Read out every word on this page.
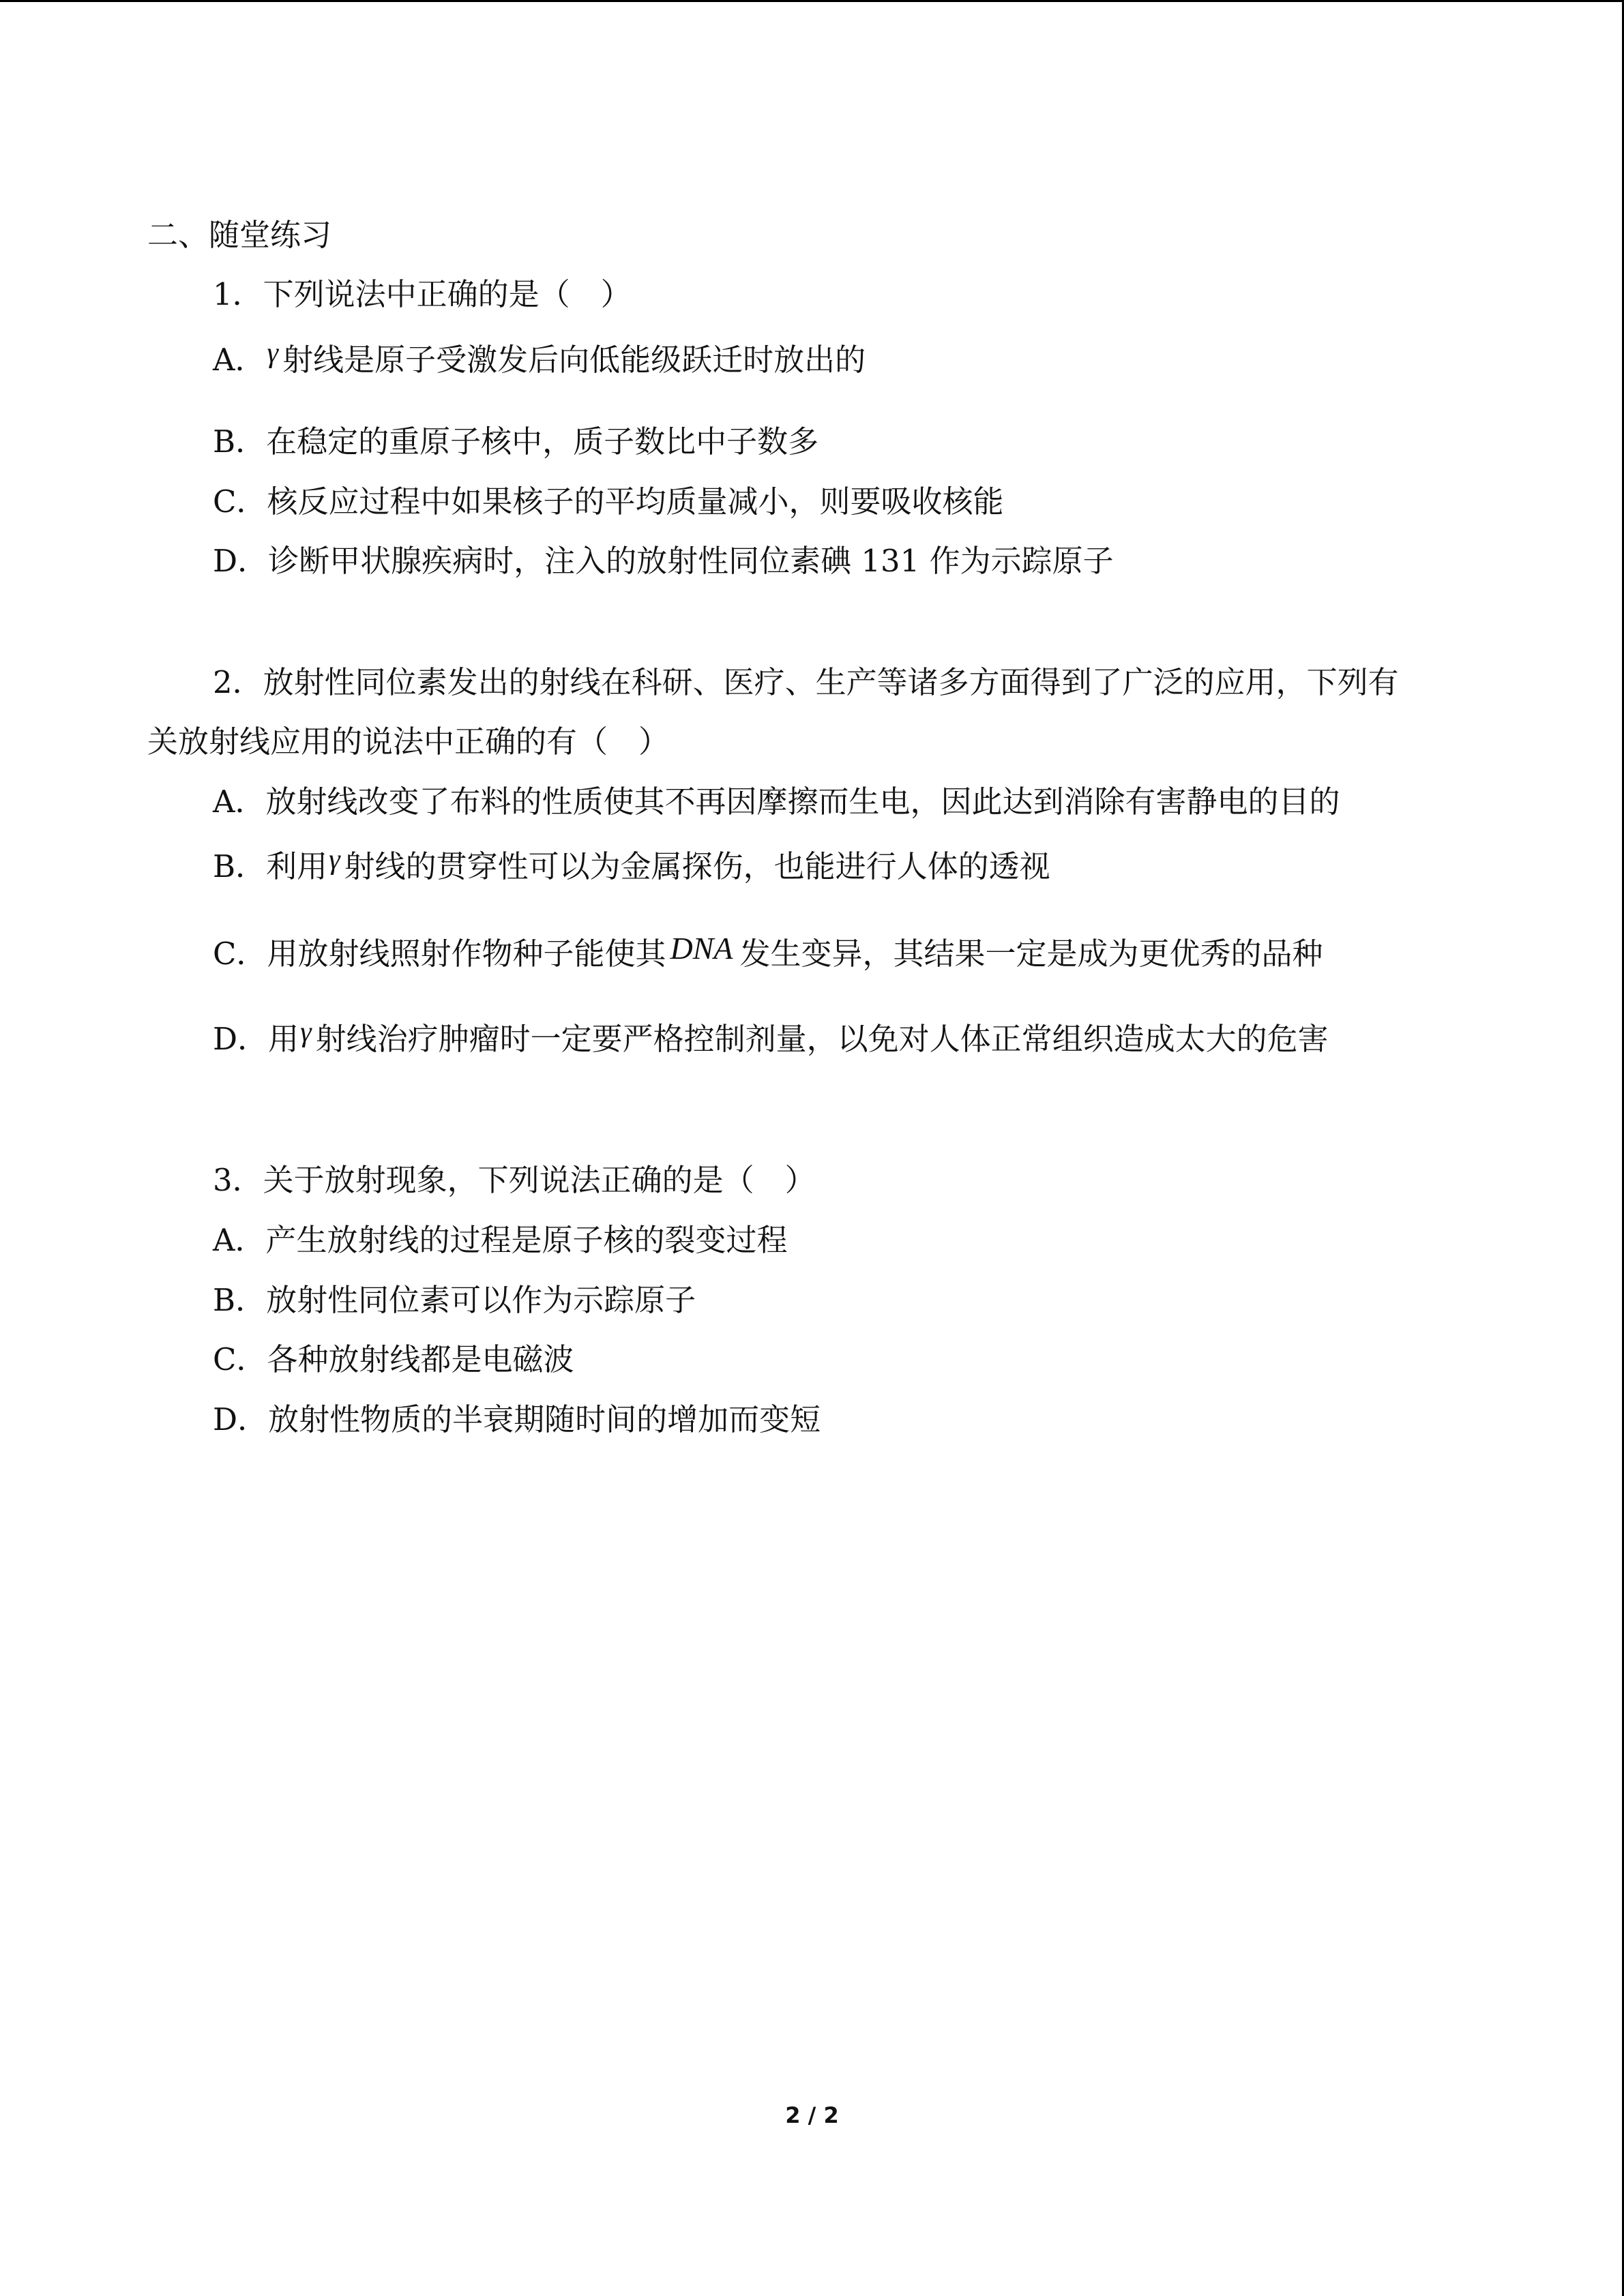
二、随堂练习
1．下列说法中正确的是（　）
A．γ 射线是原子受激发后向低能级跃迁时放出的
B．在稳定的重原子核中，质子数比中子数多
C．核反应过程中如果核子的平均质量减小，则要吸收核能
D．诊断甲状腺疾病时，注入的放射性同位素碘 131 作为示踪原子
2．放射性同位素发出的射线在科研、医疗、生产等诸多方面得到了广泛的应用，下列有
关放射线应用的说法中正确的有（　）
A．放射线改变了布料的性质使其不再因摩擦而生电，因此达到消除有害静电的目的
B．利用γ 射线的贯穿性可以为金属探伤，也能进行人体的透视
C．用放射线照射作物种子能使其 DNA 发生变异，其结果一定是成为更优秀的品种
D．用γ 射线治疗肿瘤时一定要严格控制剂量，以免对人体正常组织造成太大的危害
3．关于放射现象，下列说法正确的是（　）
A．产生放射线的过程是原子核的裂变过程
B．放射性同位素可以作为示踪原子
C．各种放射线都是电磁波
D．放射性物质的半衰期随时间的增加而变短
2 / 2
